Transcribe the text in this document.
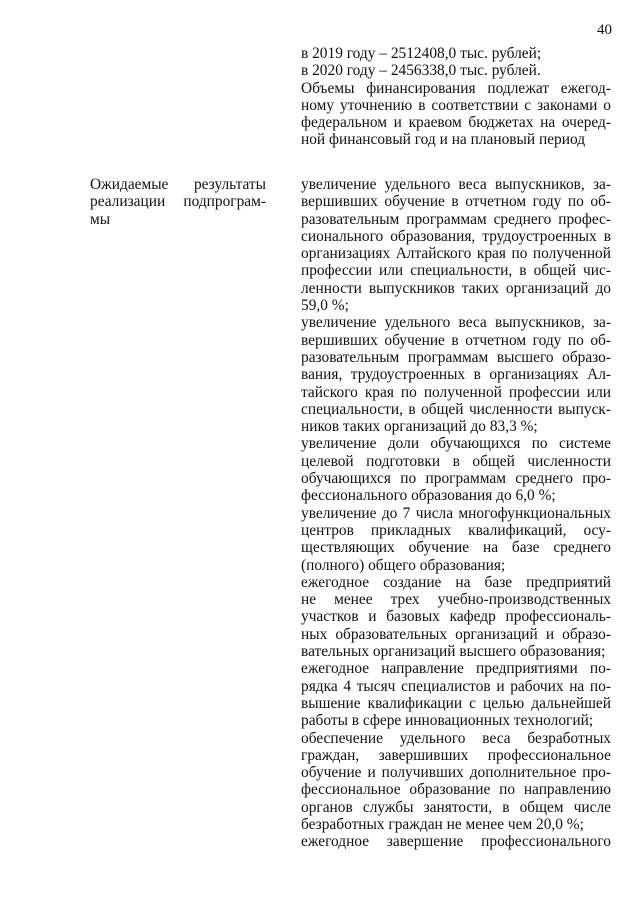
40
Ожидаемые результаты
реализации подпрограм-
мы
в 2019 году – 2512408,0 тыс. рублей;
в 2020 году – 2456338,0 тыс. рублей.
Объемы финансирования подлежат ежегод-
ному уточнению в соответствии с законами о
федеральном и краевом бюджетах на очеред-
ной финансовый год и на плановый период
увеличение удельного веса выпускников, за-
вершивших обучение в отчетном году по об-
разовательным программам среднего профес-
сионального образования, трудоустроенных в
организациях Алтайского края по полученной
профессии или специальности, в общей чис-
ленности выпускников таких организаций до
59,0 %;
увеличение удельного веса выпускников, за-
вершивших обучение в отчетном году по об-
разовательным программам высшего образо-
вания, трудоустроенных в организациях Ал-
тайского края по полученной профессии или
специальности, в общей численности выпуск-
ников таких организаций до 83,3 %;
увеличение доли обучающихся по системе
целевой подготовки в общей численности
обучающихся по программам среднего про-
фессионального образования до 6,0 %;
увеличение до 7 числа многофункциональных
центров прикладных квалификаций, осу-
ществляющих обучение на базе среднего
(полного) общего образования;
ежегодное создание на базе предприятий
не менее трех учебно-производственных
участков и базовых кафедр профессиональ-
ных образовательных организаций и образо-
вательных организаций высшего образования;
ежегодное направление предприятиями по-
рядка 4 тысяч специалистов и рабочих на по-
вышение квалификации с целью дальнейшей
работы в сфере инновационных технологий;
обеспечение удельного веса безработных
граждан, завершивших профессиональное
обучение и получивших дополнительное про-
фессиональное образование по направлению
органов службы занятости, в общем числе
безработных граждан не менее чем 20,0 %;
ежегодное завершение профессионального
